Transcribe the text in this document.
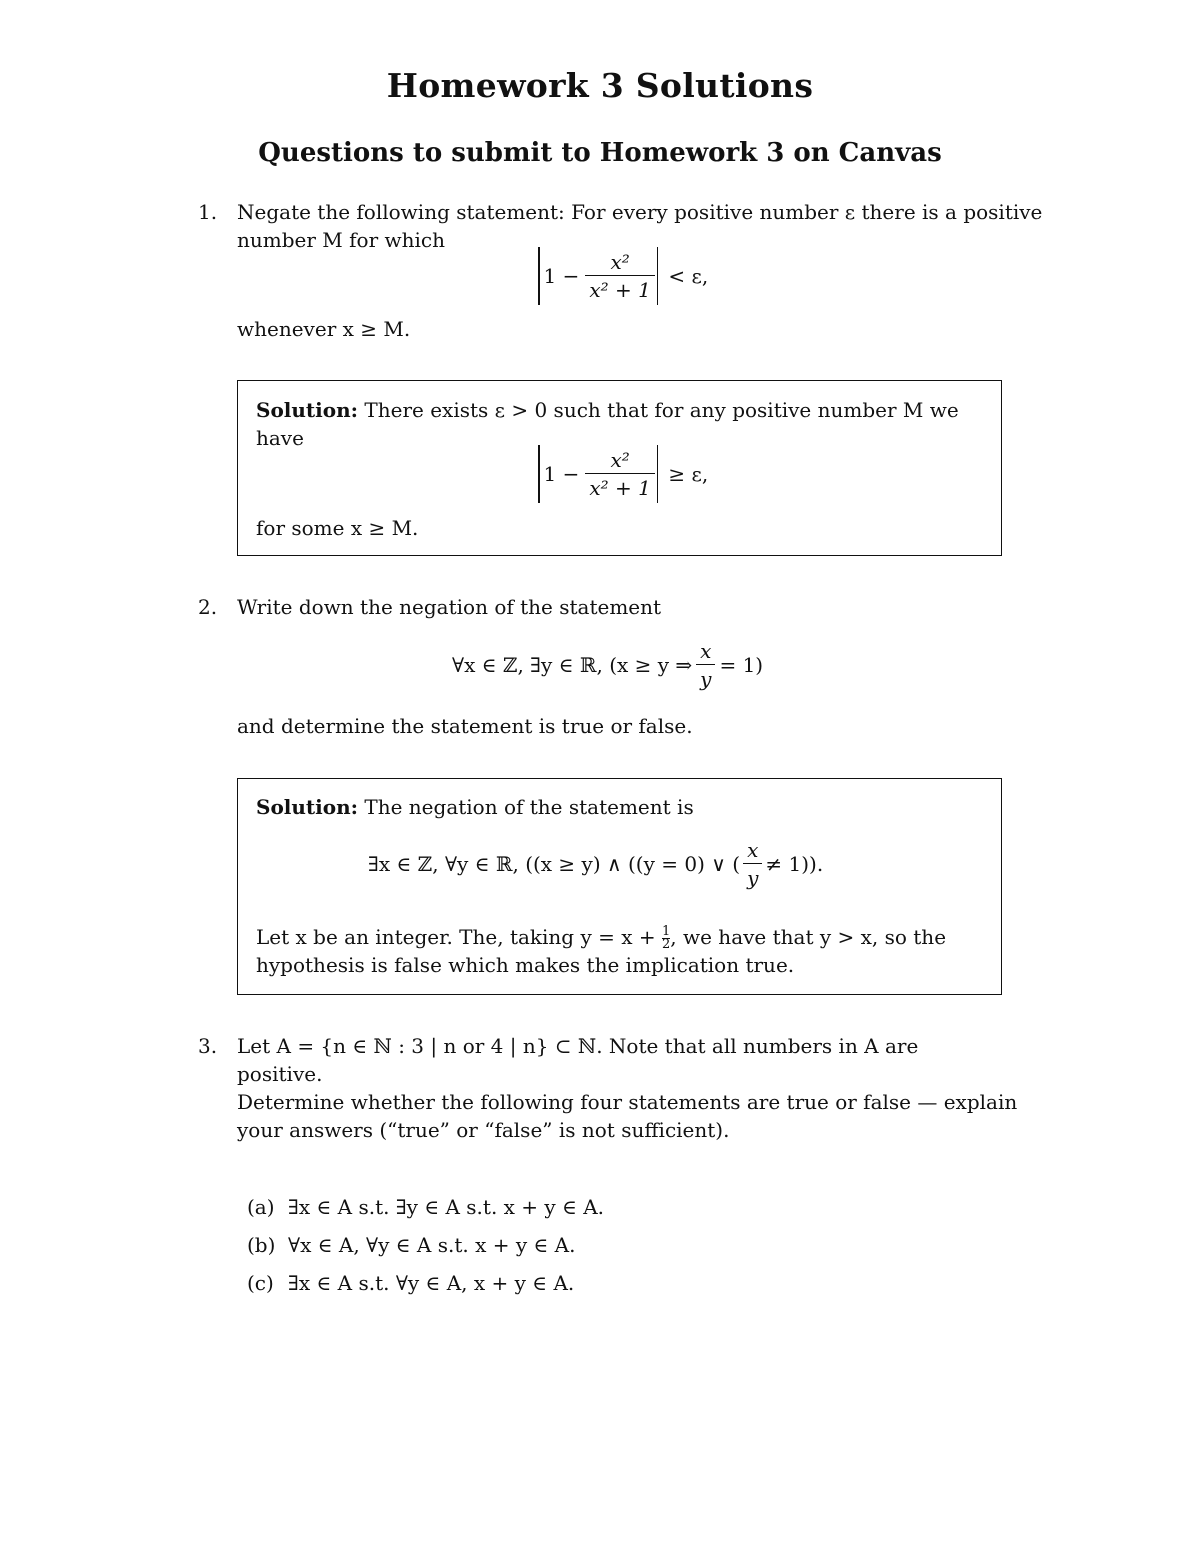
Homework 3 Solutions
Questions to submit to Homework 3 on Canvas
1. Negate the following statement: For every positive number ε there is a positive
number M for which
$1 - \frac{\text{x²}}{\text{x² + 1}} < \varepsilon$,
whenever x ≥ M.
Solution: There exists ε > 0 such that for any positive number M we
have
$1 - \frac{\text{x²}}{\text{x² + 1}} \ge \varepsilon$,
for some x ≥ M.
2. Write down the negation of the statement
∀x ∈ ℤ, ∃y ∈ ℝ, (x ≥ y ⇒ $\frac{x}{y} = 1$)
and determine the statement is true or false.
Solution: The negation of the statement is
∃x ∈ ℤ, ∀y ∈ ℝ, ((x ≥ y) ∧ ((y = 0) ∨ ( $\frac{x}{y} \ne 1$)).
Let x be an integer. The, taking $y = x + \frac{1}{2}$ , we have that y > x, so the
hypothesis is false which makes the implication true.
3. Let A = {n ∈ ℕ : 3 | n or 4 | n} ⊂ ℕ. Note that all numbers in A are
positive.
Determine whether the following four statements are true or false — explain
your answers (“true” or “false” is not sufficient).
(a) ∃x ∈ A s.t. ∃y ∈ A s.t. x + y ∈ A.
(b) ∀x ∈ A, ∀y ∈ A s.t. x + y ∈ A.
(c) ∃x ∈ A s.t. ∀y ∈ A, x + y ∈ A.
